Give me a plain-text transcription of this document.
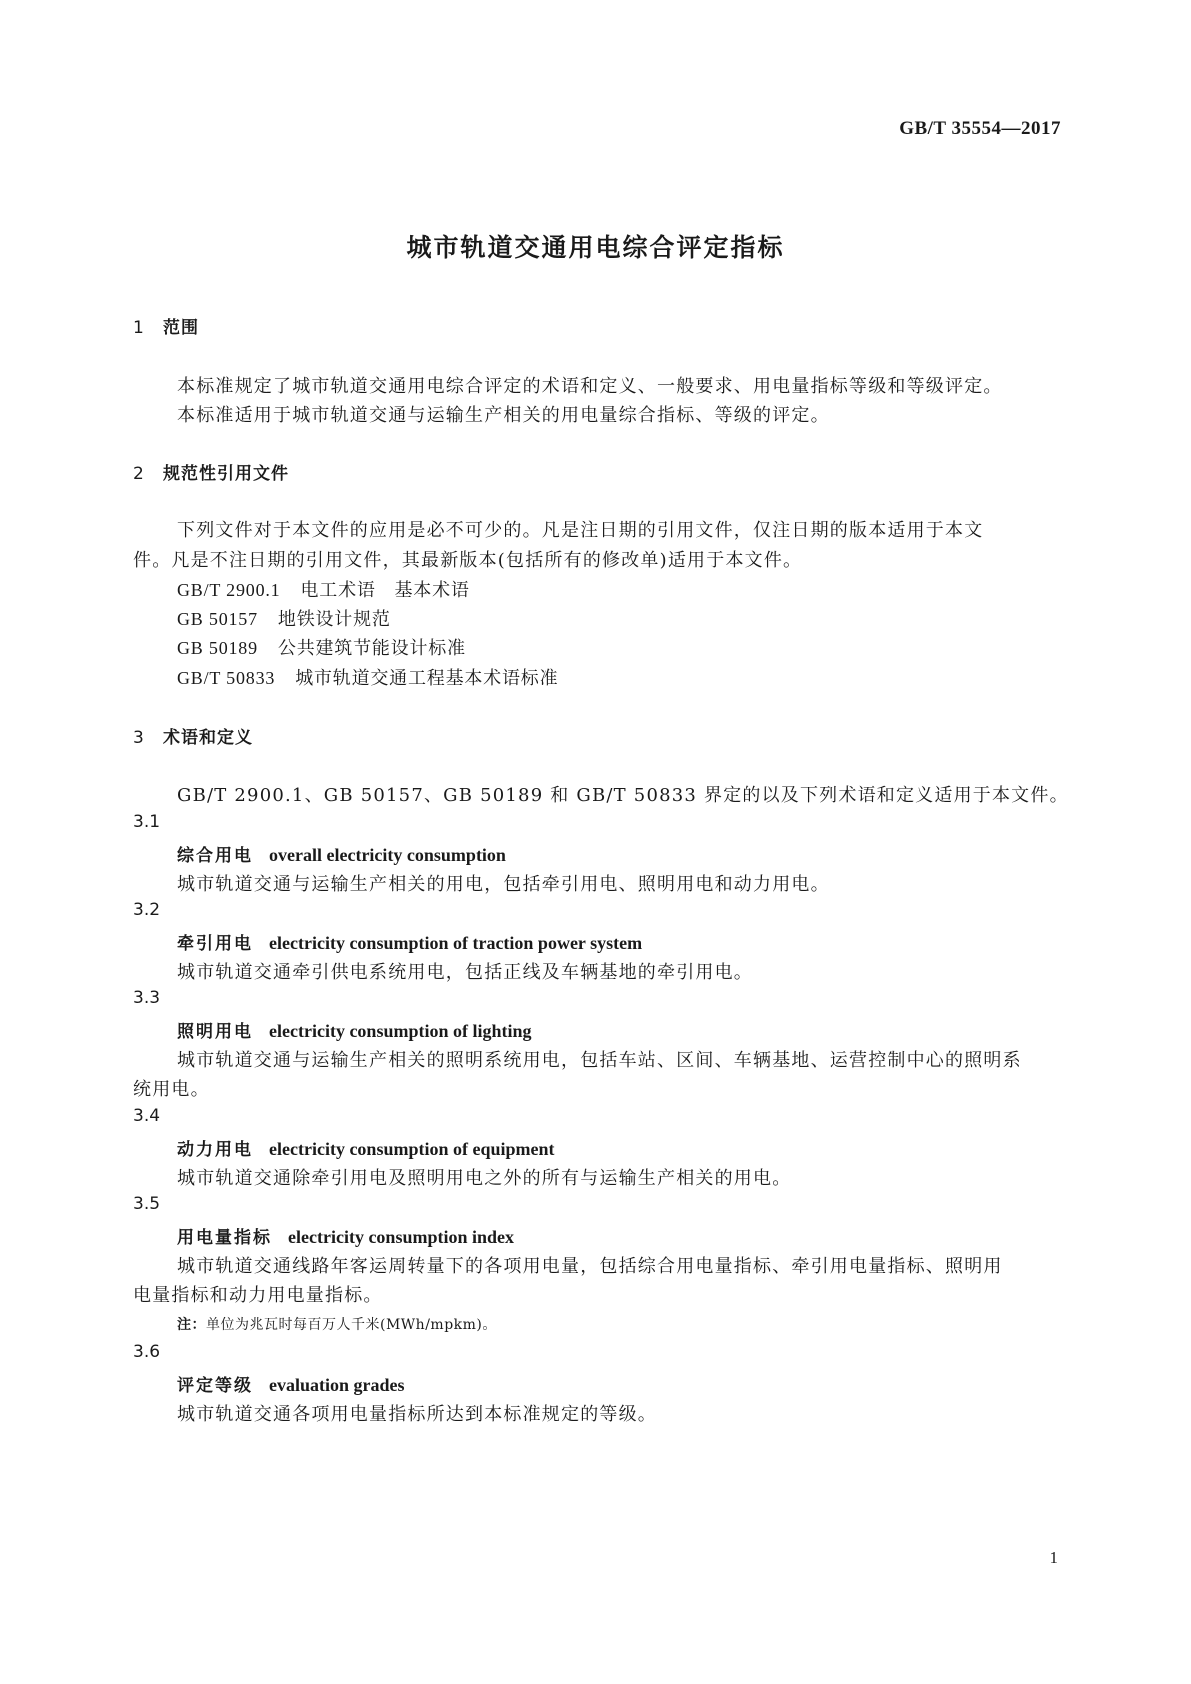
GB/T 35554—2017
城市轨道交通用电综合评定指标
1 范围
本标准规定了城市轨道交通用电综合评定的术语和定义、一般要求、用电量指标等级和等级评定。
本标准适用于城市轨道交通与运输生产相关的用电量综合指标、等级的评定。
2 规范性引用文件
下列文件对于本文件的应用是必不可少的。凡是注日期的引用文件，仅注日期的版本适用于本文
件。凡是不注日期的引用文件，其最新版本(包括所有的修改单)适用于本文件。
GB/T 2900.1 电工术语　基本术语
GB 50157 地铁设计规范
GB 50189 公共建筑节能设计标准
GB/T 50833 城市轨道交通工程基本术语标准
3 术语和定义
GB/T 2900.1、GB 50157、GB 50189 和 GB/T 50833 界定的以及下列术语和定义适用于本文件。
3.1
综合用电 overall electricity consumption
城市轨道交通与运输生产相关的用电，包括牵引用电、照明用电和动力用电。
3.2
牵引用电 electricity consumption of traction power system
城市轨道交通牵引供电系统用电，包括正线及车辆基地的牵引用电。
3.3
照明用电 electricity consumption of lighting
城市轨道交通与运输生产相关的照明系统用电，包括车站、区间、车辆基地、运营控制中心的照明系
统用电。
3.4
动力用电 electricity consumption of equipment
城市轨道交通除牵引用电及照明用电之外的所有与运输生产相关的用电。
3.5
用电量指标 electricity consumption index
城市轨道交通线路年客运周转量下的各项用电量，包括综合用电量指标、牵引用电量指标、照明用
电量指标和动力用电量指标。
注：单位为兆瓦时每百万人千米(MWh/mpkm)。
3.6
评定等级 evaluation grades
城市轨道交通各项用电量指标所达到本标准规定的等级。
1
